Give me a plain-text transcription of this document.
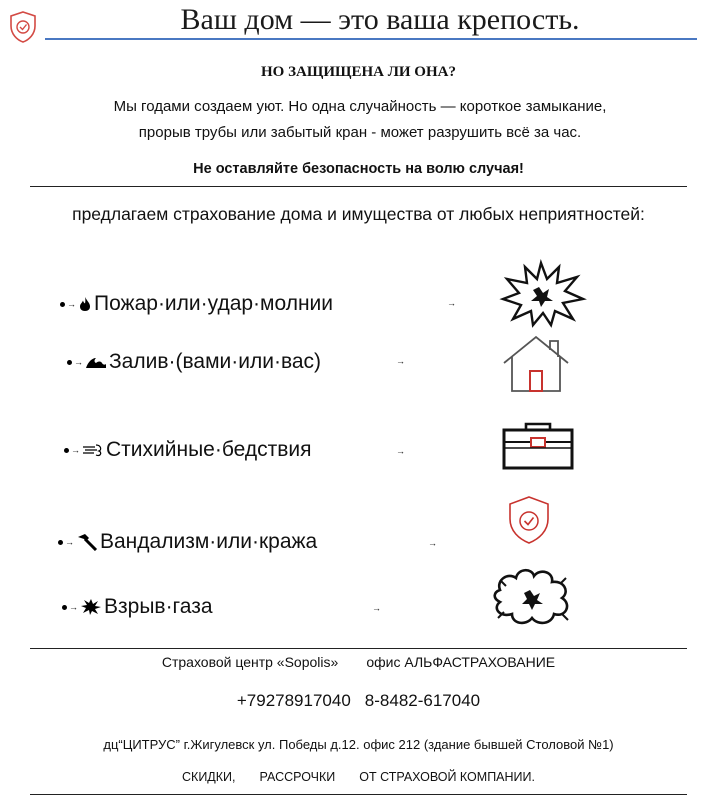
Ваш дом — это ваша крепость.
НО ЗАЩИЩЕНА ЛИ ОНА?
Мы годами создаем уют. Но одна случайность — короткое замыкание,
прорыв трубы или забытый кран - может разрушить всё за час.
Не оставляйте безопасность на волю случая!
предлагаем страхование дома и имущества от любых неприятностей:
→ Пожар·или·удар·молнии	→
→ Залив·(вами·или·вас)	→
→ Стихийные·бедствия	→
→ Вандализм·или·кража	→
→ Взрыв·газа	→
Страховой центр «Sopolis» офис АЛЬФАСТРАХОВАНИЕ
+79278917040 8-8482-617040
дц“ЦИТРУС” г.Жигулевск ул. Победы д.12. офис 212 (здание бывшей Столовой №1)
СКИДКИ, РАССРОЧКИ ОТ СТРАХОВОЙ КОМПАНИИ.
